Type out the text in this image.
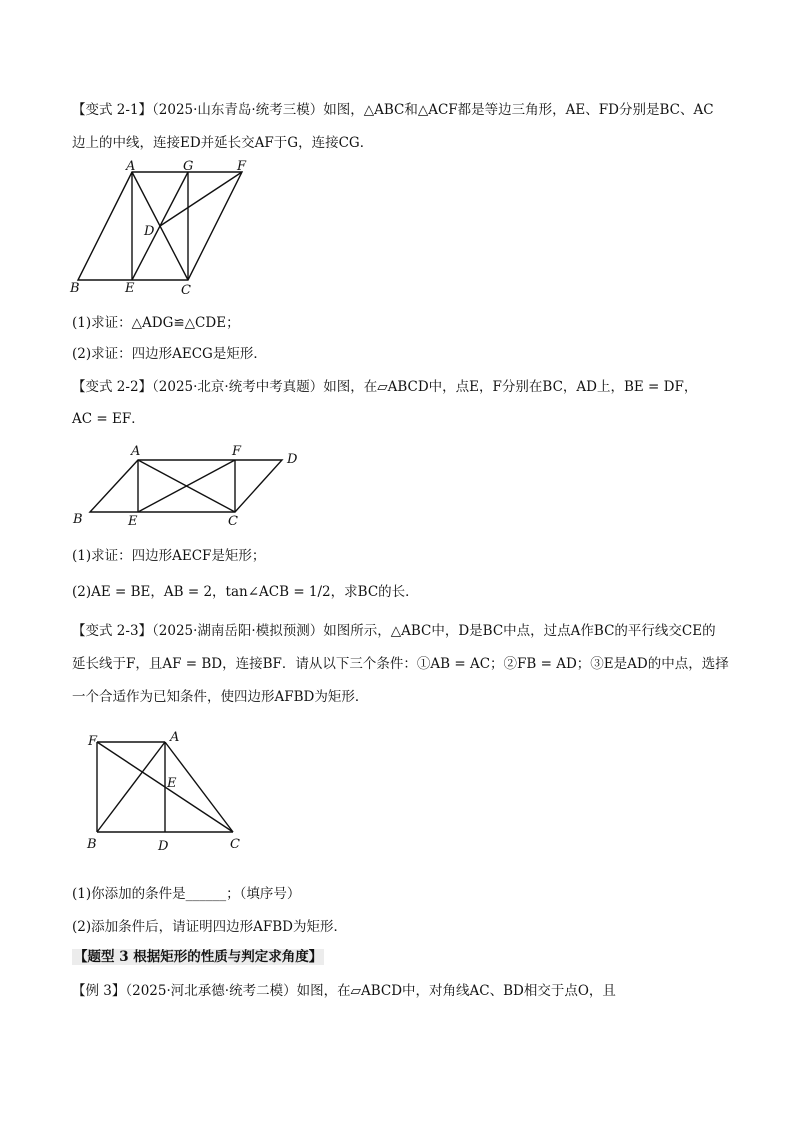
【变式 2-1】（2025·山东青岛·统考三模）如图，△ABC和△ACF都是等边三角形，AE、FD分别是BC、AC
边上的中线，连接ED并延长交AF于G，连接CG．
A	G	F
D
B	E	C
(1)求证：△ADG≌△CDE；
(2)求证：四边形AECG是矩形．
【变式 2-2】（2025·北京·统考中考真题）如图，在▱ABCD中，点E，F分别在BC，AD上，BE = DF，
AC = EF．
A	F
D
B	E	C
(1)求证：四边形AECF是矩形；
(2)AE = BE，AB = 2，tan∠ACB = 1/2，求BC的长．
【变式 2-3】（2025·湖南岳阳·模拟预测）如图所示，△ABC中，D是BC中点，过点A作BC的平行线交CE的
延长线于F，且AF = BD，连接BF．请从以下三个条件：①AB = AC；②FB = AD；③E是AD的中点，选择
一个合适作为已知条件，使四边形AFBD为矩形．
F	A
E
B	D	C
(1)你添加的条件是______；（填序号）
(2)添加条件后，请证明四边形AFBD为矩形．
【题型 3 根据矩形的性质与判定求角度】
【例 3】（2025·河北承德·统考二模）如图，在▱ABCD中，对角线AC、BD相交于点O，且
